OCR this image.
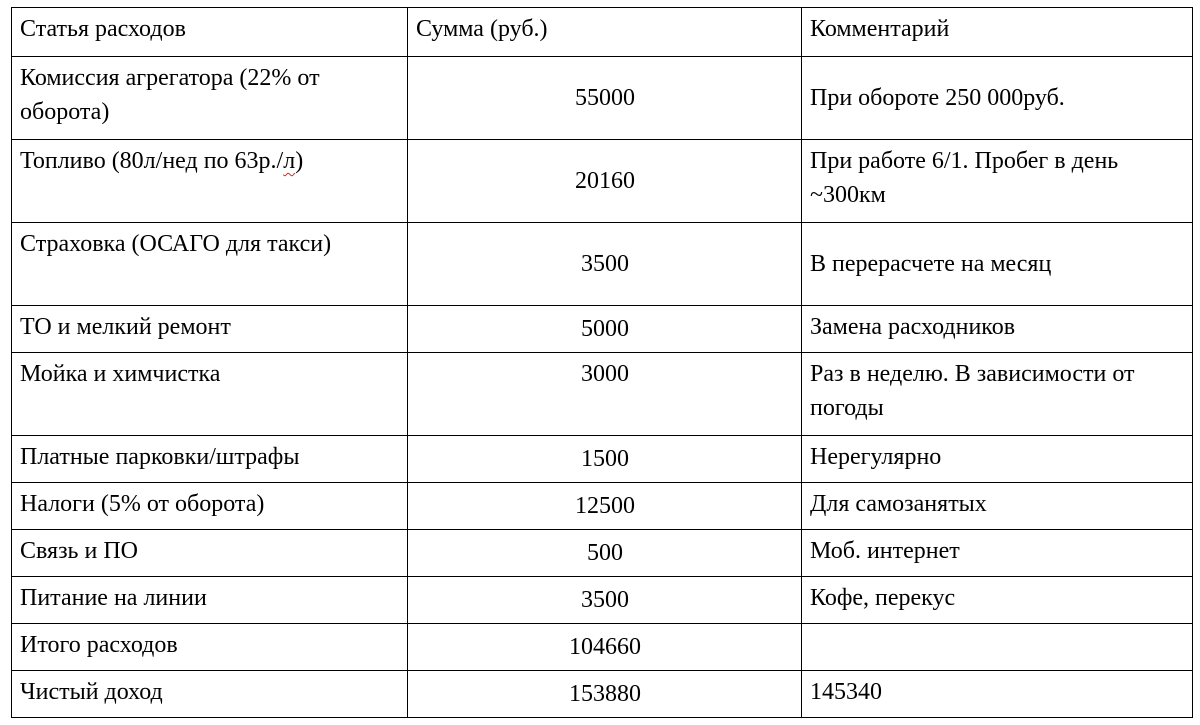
Статья расходов	Сумма (руб.)	Комментарий
Комиссия агрегатора (22% от оборота)	55000	При обороте 250 000руб.
Топливо (80л/нед по 63р./л)	20160	При работе 6/1. Пробег в день ~300км
Страховка (ОСАГО для такси)	3500	В перерасчете на месяц
ТО и мелкий ремонт	5000	Замена расходников
Мойка и химчистка	3000	Раз в неделю. В зависимости от погоды
Платные парковки/штрафы	1500	Нерегулярно
Налоги (5% от оборота)	12500	Для самозанятых
Связь и ПО	500	Моб. интернет
Питание на линии	3500	Кофе, перекус
Итого расходов	104660	
Чистый доход	153880	145340
